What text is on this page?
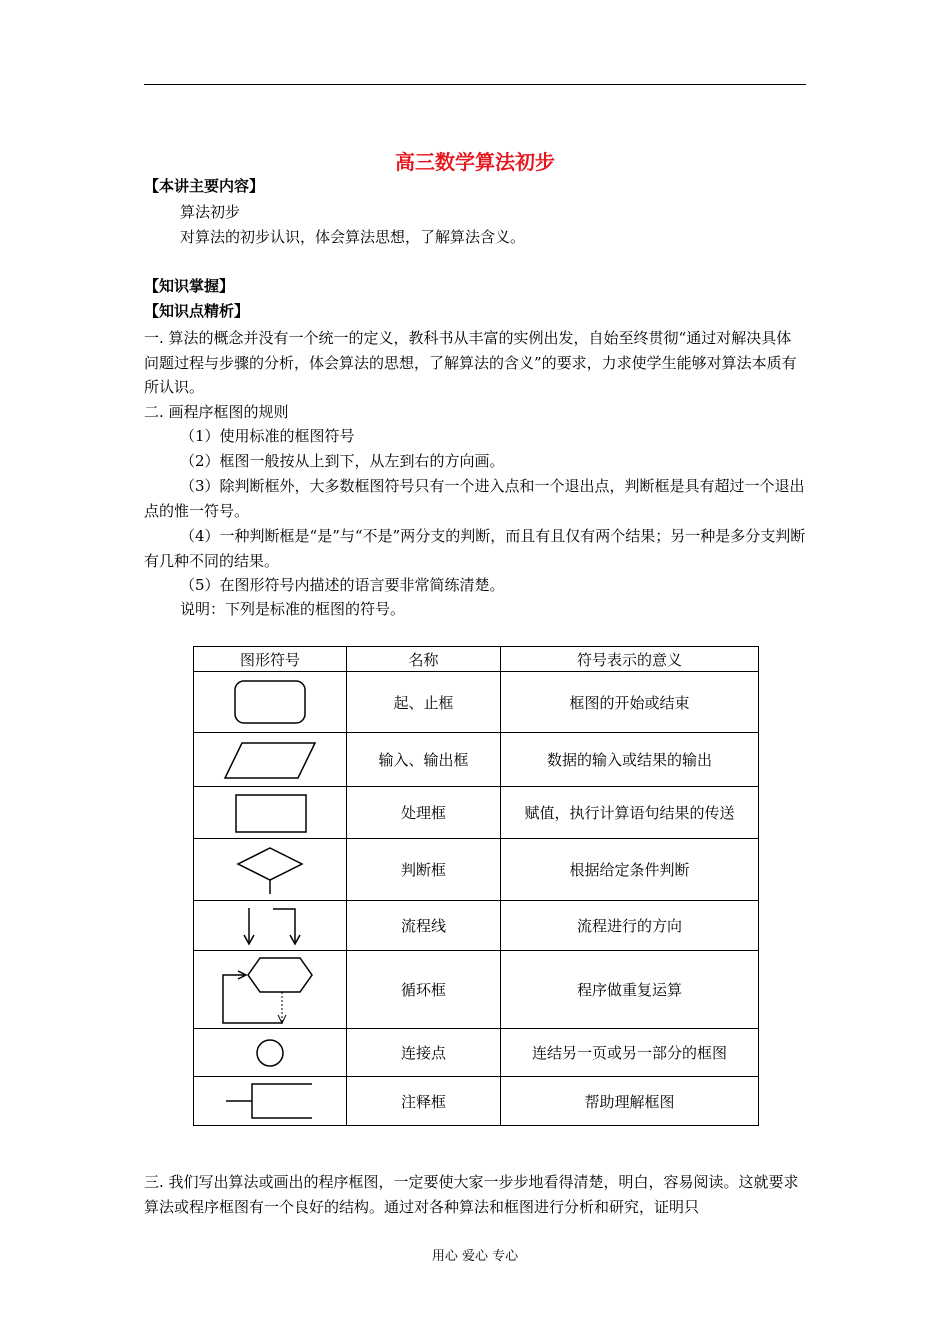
高三数学算法初步
【本讲主要内容】
算法初步
对算法的初步认识，体会算法思想，了解算法含义。
【知识掌握】
【知识点精析】
一. 算法的概念并没有一个统一的定义，教科书从丰富的实例出发，自始至终贯彻“通过对解决具体问题过程与步骤的分析，体会算法的思想，了解算法的含义”的要求，力求使学生能够对算法本质有所认识。
二. 画程序框图的规则
（1）使用标准的框图符号
（2）框图一般按从上到下，从左到右的方向画。
（3）除判断框外，大多数框图符号只有一个进入点和一个退出点，判断框是具有超过一个退出点的惟一符号。
（4）一种判断框是“是”与“不是”两分支的判断，而且有且仅有两个结果；另一种是多分支判断有几种不同的结果。
（5）在图形符号内描述的语言要非常简练清楚。
说明：下列是标准的框图的符号。
图形符号	名称	符号表示的意义

	起、止框	框图的开始或结束

	输入、输出框	数据的输入或结果的输出

	处理框	赋值，执行计算语句结果的传送

	判断框	根据给定条件判断

	流程线	流程进行的方向

	循环框	程序做重复运算

	连接点	连结另一页或另一部分的框图

	注释框	帮助理解框图
三. 我们写出算法或画出的程序框图，一定要使大家一步步地看得清楚，明白，容易阅读。这就要求算法或程序框图有一个良好的结构。通过对各种算法和框图进行分析和研究，证明只
用心 爱心 专心
